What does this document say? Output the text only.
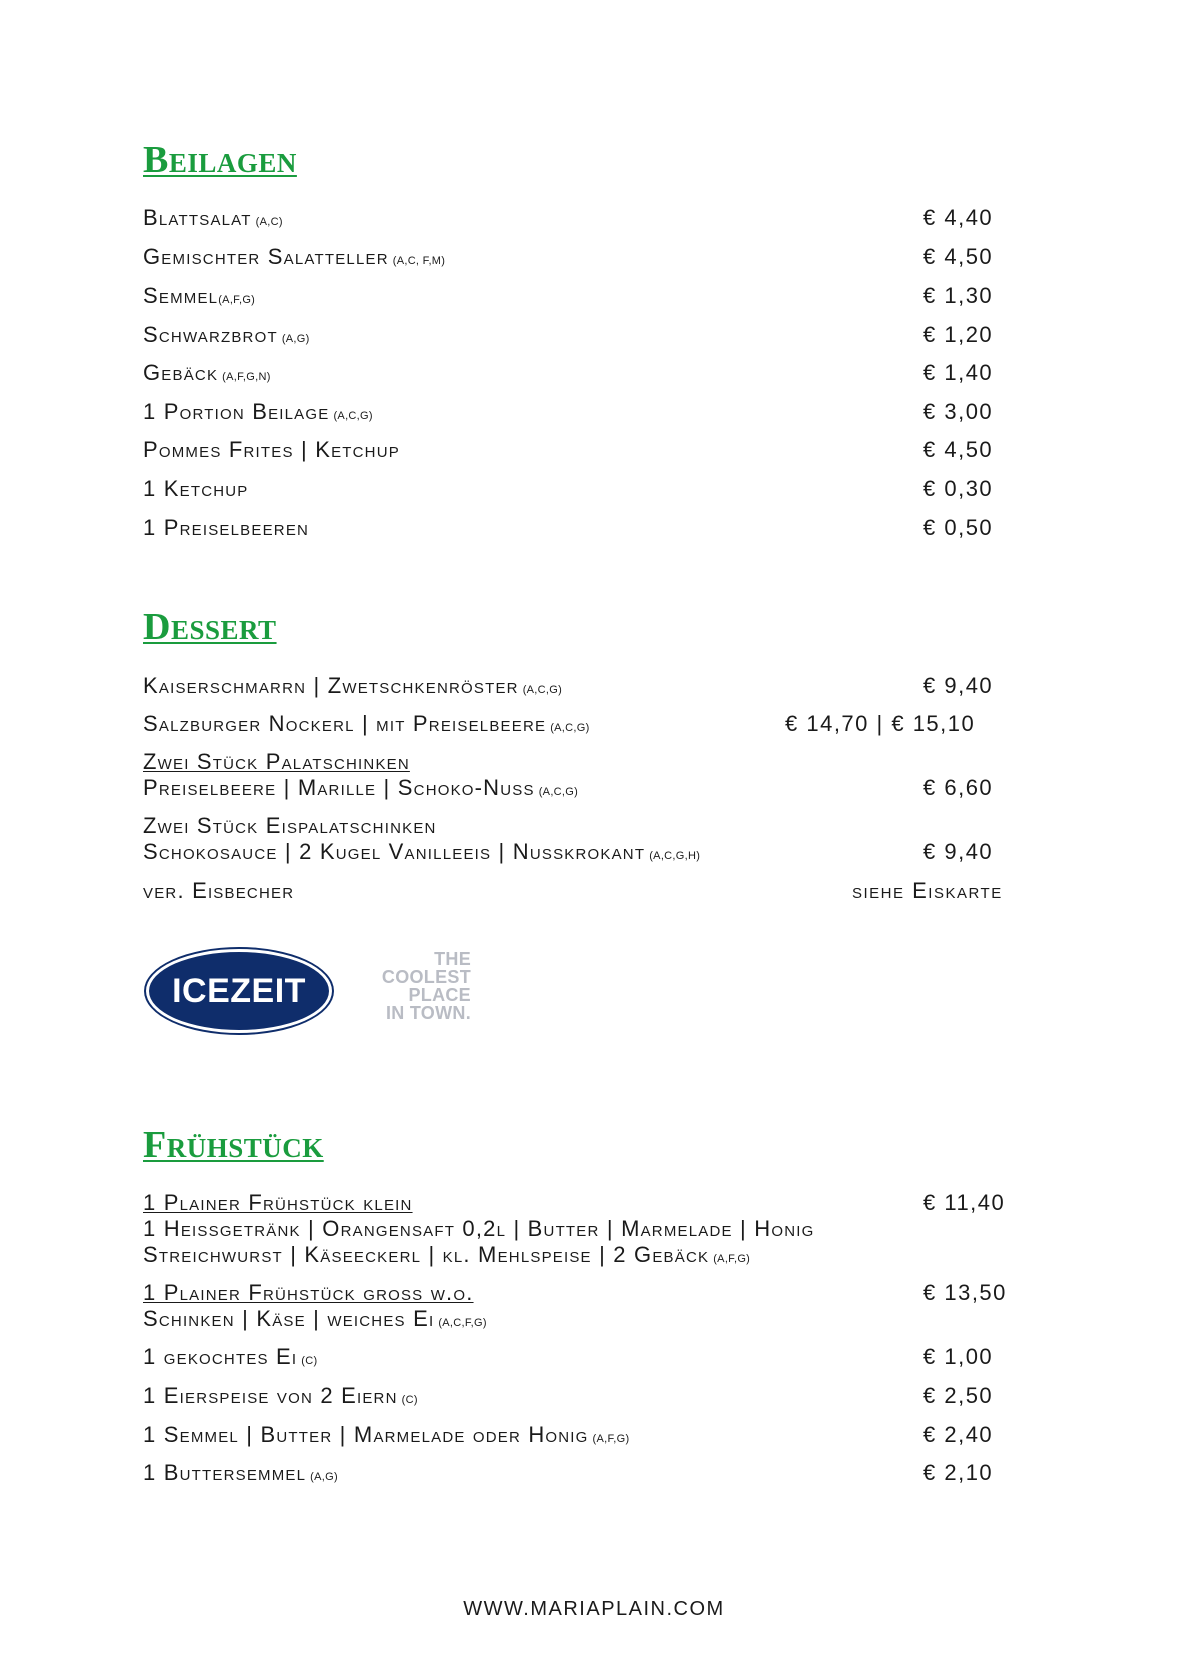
Beilagen
Blattsalat (A,C)	€ 4,40
Gemischter Salatteller (A,C, F,M)	€ 4,50
Semmel(A,F,G)	€ 1,30
Schwarzbrot (A,G)	€ 1,20
Gebäck (A,F,G,N)	€ 1,40
1 Portion Beilage (A,C,G)	€ 3,00
Pommes Frites | Ketchup	€ 4,50
1 Ketchup	€ 0,30
1 Preiselbeeren	€ 0,50
Dessert
Kaiserschmarrn | Zwetschkenröster (A,C,G)	€ 9,40
Salzburger Nockerl | mit Preiselbeere (A,C,G)	€ 14,70 | € 15,10
Zwei Stück Palatschinken
Preiselbeere | Marille | Schoko-Nuss (A,C,G)	€ 6,60
Zwei Stück Eispalatschinken
Schokosauce | 2 Kugel Vanilleeis | Nusskrokant (A,C,G,H)	€ 9,40
ver. Eisbecher	siehe Eiskarte
ICEZEIT
THE
COOLEST
PLACE
IN TOWN.
Frühstück
1 Plainer Frühstück klein	€ 11,40
1 Heissgetränk | Orangensaft 0,2l | Butter | Marmelade | Honig
Streichwurst | Käseeckerl | kl. Mehlspeise | 2 Gebäck (A,F,G)
1 Plainer Frühstück gross w.o.	€ 13,50
Schinken | Käse | weiches Ei (A,C,F,G)
1 gekochtes Ei (C)	€ 1,00
1 Eierspeise von 2 Eiern (C)	€ 2,50
1 Semmel | Butter | Marmelade oder Honig (A,F,G)	€ 2,40
1 Buttersemmel (A,G)	€ 2,10
WWW.MARIAPLAIN.COM
